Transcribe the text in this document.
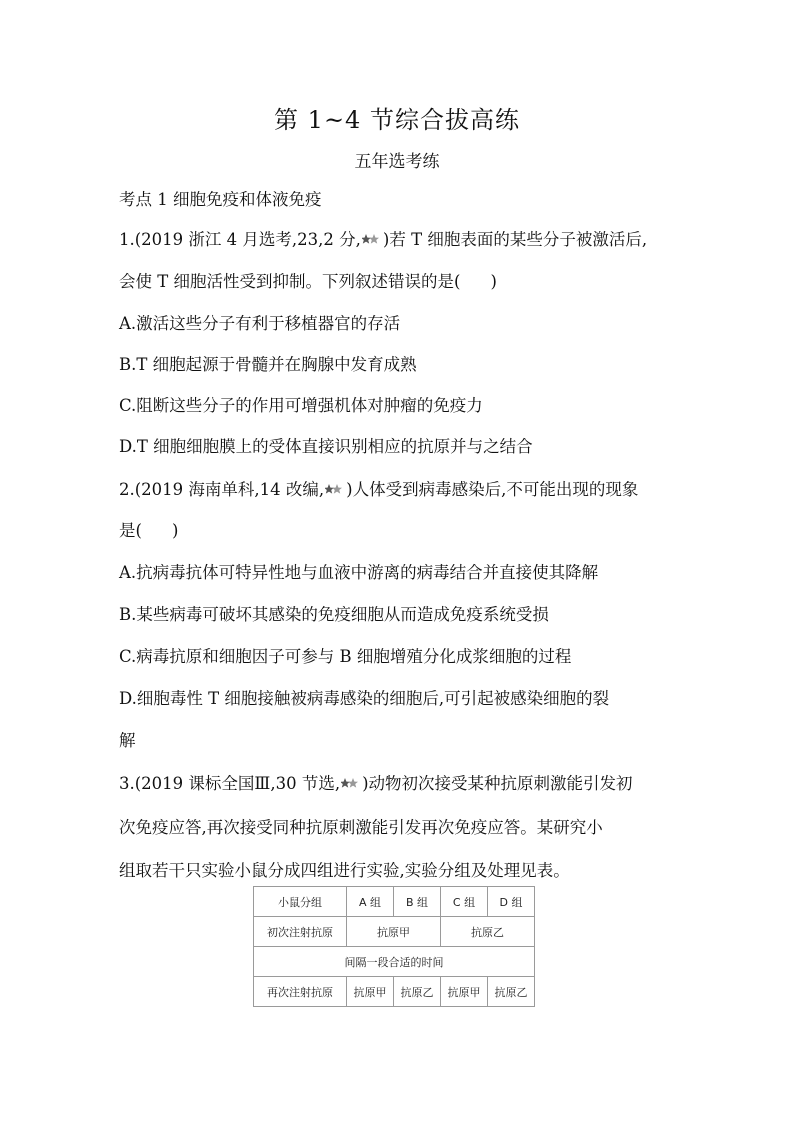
第 1~4 节综合拔高练
五年选考练
考点 1 细胞免疫和体液免疫
1.(2019 浙江 4 月选考,23,2 分, )若 T 细胞表面的某些分子被激活后,
会使 T 细胞活性受到抑制。下列叙述错误的是( )
A.激活这些分子有利于移植器官的存活
B.T 细胞起源于骨髓并在胸腺中发育成熟
C.阻断这些分子的作用可增强机体对肿瘤的免疫力
D.T 细胞细胞膜上的受体直接识别相应的抗原并与之结合
2.(2019 海南单科,14 改编, )人体受到病毒感染后,不可能出现的现象
是( )
A.抗病毒抗体可特异性地与血液中游离的病毒结合并直接使其降解
B.某些病毒可破坏其感染的免疫细胞从而造成免疫系统受损
C.病毒抗原和细胞因子可参与 B 细胞增殖分化成浆细胞的过程
D.细胞毒性 T 细胞接触被病毒感染的细胞后,可引起被感染细胞的裂
解
3.(2019 课标全国Ⅲ,30 节选, )动物初次接受某种抗原刺激能引发初
次免疫应答,再次接受同种抗原刺激能引发再次免疫应答。某研究小
组取若干只实验小鼠分成四组进行实验,实验分组及处理见表。
小鼠分组	A 组	B 组	C 组	D 组
初次注射抗原	抗原甲		抗原乙	
间隔一段合适的时间				
再次注射抗原	抗原甲	抗原乙	抗原甲	抗原乙
